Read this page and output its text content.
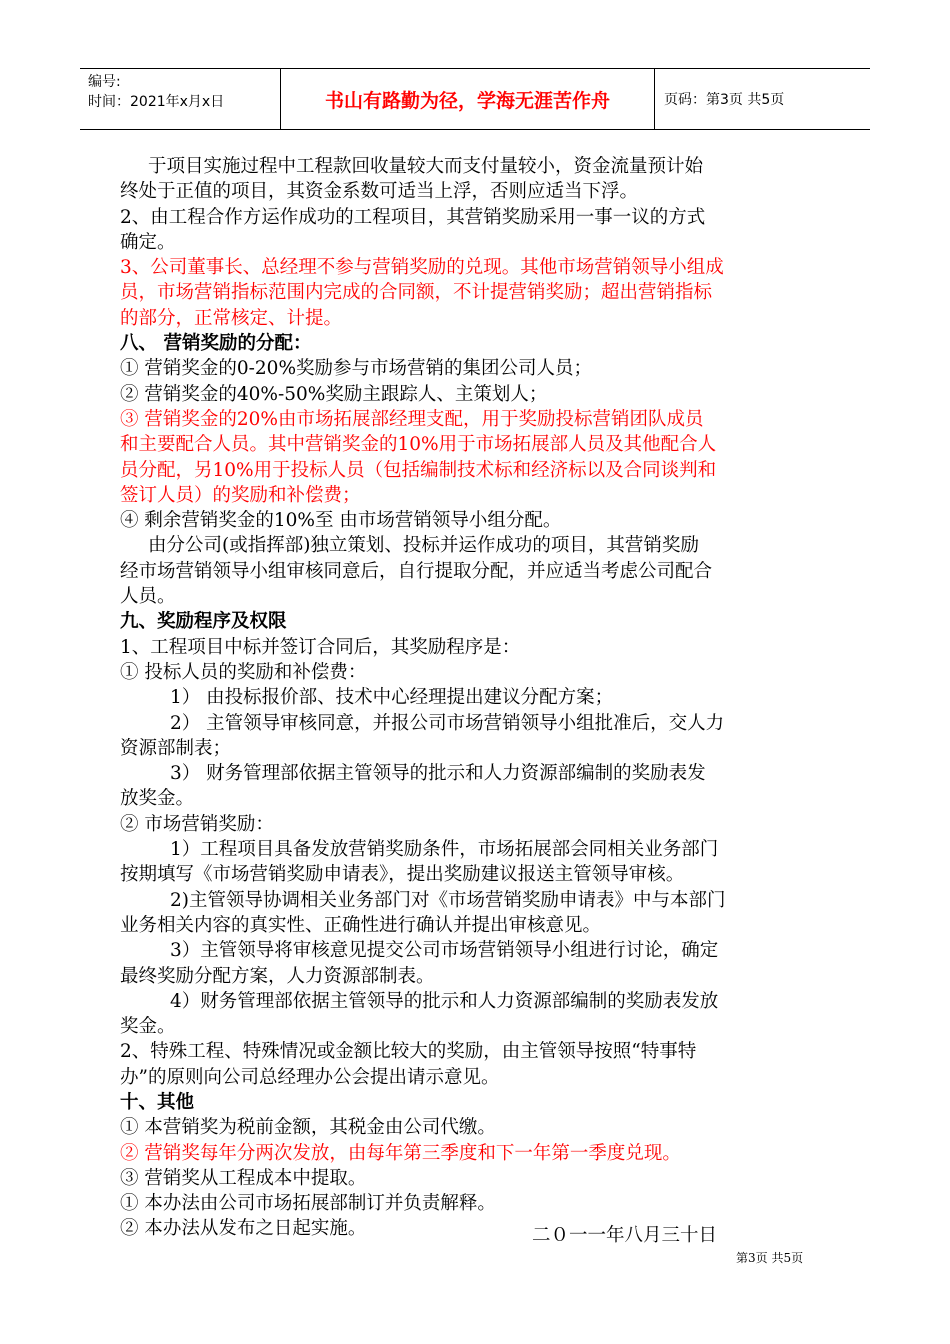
编号:
时间：2021年x月x日	书山有路勤为径，学海无涯苦作舟	页码：第3页 共5页

于项目实施过程中工程款回收量较大而支付量较小，资金流量预计始

终处于正值的项目，其资金系数可适当上浮，否则应适当下浮。

2、由工程合作方运作成功的工程项目，其营销奖励采用一事一议的方式

确定。

3、公司董事长、总经理不参与营销奖励的兑现。其他市场营销领导小组成

员，市场营销指标范围内完成的合同额，不计提营销奖励；超出营销指标

的部分，正常核定、计提。

八、 营销奖励的分配：

① 营销奖金的0-20%奖励参与市场营销的集团公司人员；

② 营销奖金的40%-50%奖励主跟踪人、主策划人；

③ 营销奖金的20%由市场拓展部经理支配，用于奖励投标营销团队成员

和主要配合人员。其中营销奖金的10%用于市场拓展部人员及其他配合人

员分配，另10%用于投标人员（包括编制技术标和经济标以及合同谈判和

签订人员）的奖励和补偿费；

④ 剩余营销奖金的10%至 由市场营销领导小组分配。

由分公司(或指挥部)独立策划、投标并运作成功的项目，其营销奖励

经市场营销领导小组审核同意后，自行提取分配，并应适当考虑公司配合

人员。

九、奖励程序及权限

1、工程项目中标并签订合同后，其奖励程序是：

① 投标人员的奖励和补偿费：

1） 由投标报价部、技术中心经理提出建议分配方案；

2） 主管领导审核同意，并报公司市场营销领导小组批准后，交人力

资源部制表；

3） 财务管理部依据主管领导的批示和人力资源部编制的奖励表发

放奖金。

② 市场营销奖励：

1）工程项目具备发放营销奖励条件，市场拓展部会同相关业务部门

按期填写《市场营销奖励申请表》，提出奖励建议报送主管领导审核。

2)主管领导协调相关业务部门对《市场营销奖励申请表》中与本部门

业务相关内容的真实性、正确性进行确认并提出审核意见。

3）主管领导将审核意见提交公司市场营销领导小组进行讨论，确定

最终奖励分配方案，人力资源部制表。

4）财务管理部依据主管领导的批示和人力资源部编制的奖励表发放

奖金。

2、特殊工程、特殊情况或金额比较大的奖励，由主管领导按照“特事特

办”的原则向公司总经理办公会提出请示意见。

十、其他

① 本营销奖为税前金额，其税金由公司代缴。

② 营销奖每年分两次发放，由每年第三季度和下一年第一季度兑现。

③ 营销奖从工程成本中提取。

① 本办法由公司市场拓展部制订并负责解释。

② 本办法从发布之日起实施。	二０一一年八月三十日
第3页 共5页
